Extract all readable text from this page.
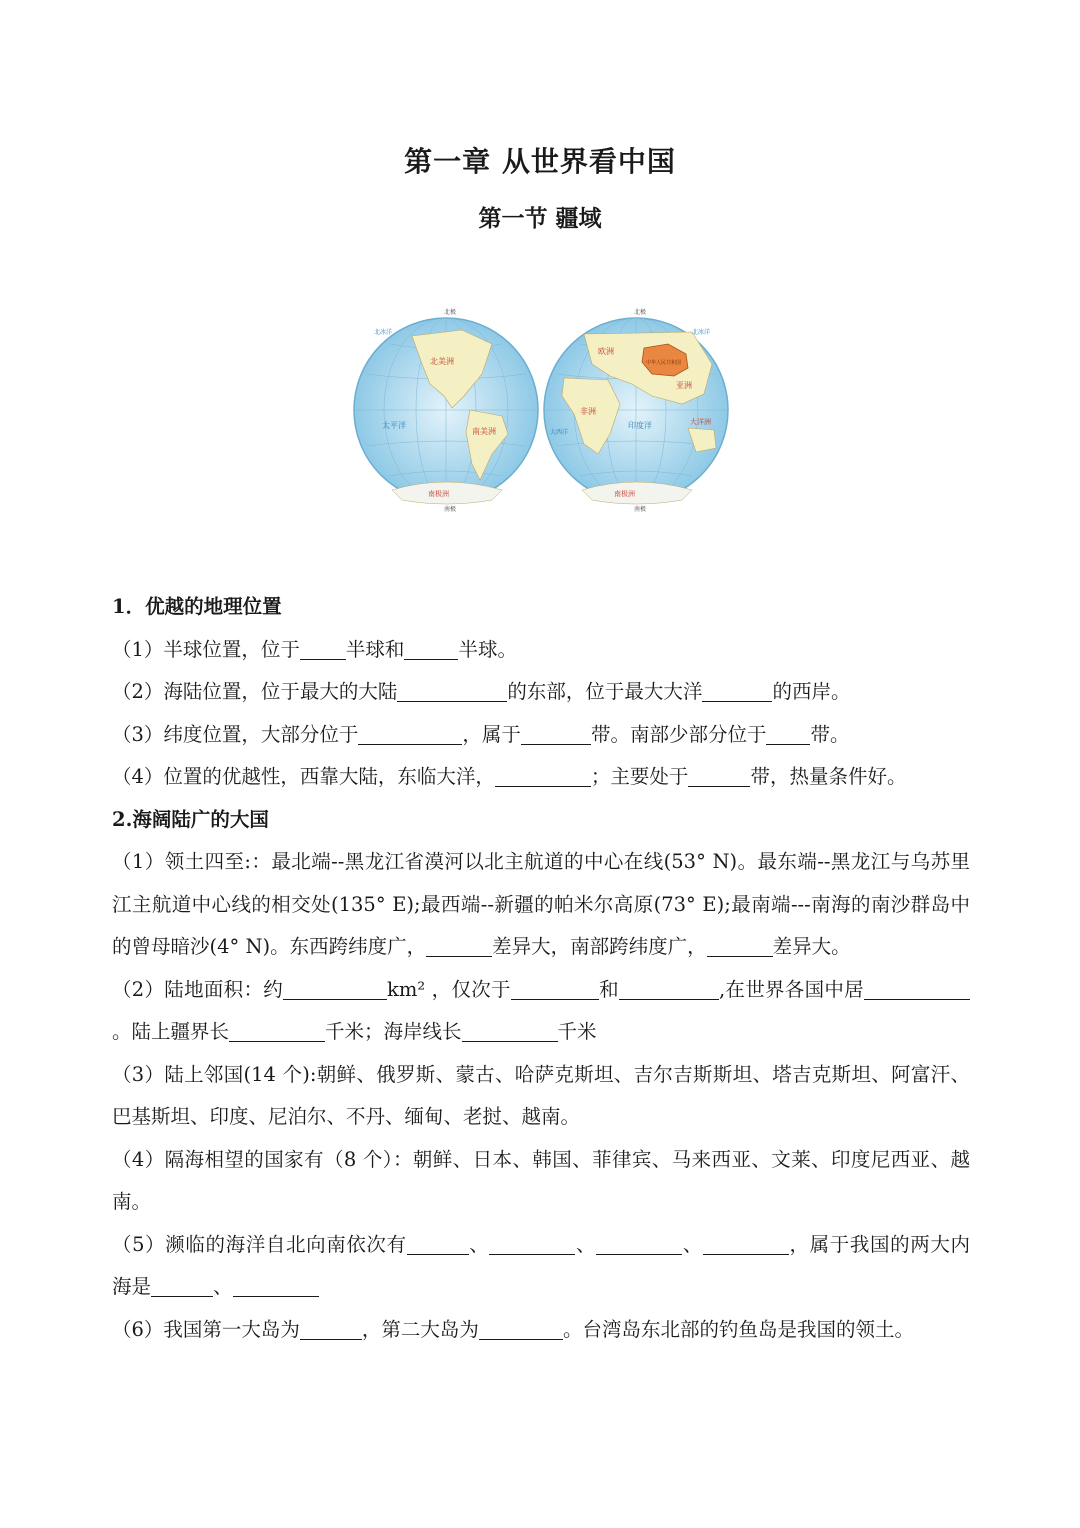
第一章 从世界看中国
第一节 疆域
北极
南极
北美洲
南美洲
太平洋
南极洲
北冰洋
北极
南极
中华人民共和国
欧洲
亚洲
非洲
大洋洲
印度洋
大西洋
南极洲
北冰洋
1．优越的地理位置
（1）半球位置，位于 半球和	半球。
（2）海陆位置，位于最大的大陆	的东部，位于最大大洋	的西岸。
（3）纬度位置，大部分位于	，属于	带。南部少部分位于 带。
（4）位置的优越性，西靠大陆，东临大洋，	；主要处于	带，热量条件好。
2.海阔陆广的大国
（1）领土四至:：最北端--黑龙江省漠河以北主航道的中心在线(53° N)。最东端--黑龙江与乌苏里江主航道中心线的相交处(135° E);最西端--新疆的帕米尔高原(73° E);最南端---南海的南沙群岛中的曾母暗沙(4° N)。东西跨纬度广，	差异大，南部跨纬度广，	差异大。
（2）陆地面积：约	km² ，仅次于	和	,在世界各国中居。陆上疆界长	千米；海岸线长	千米
（3）陆上邻国(14 个):朝鲜、俄罗斯、蒙古、哈萨克斯坦、吉尔吉斯斯坦、塔吉克斯坦、阿富汗、巴基斯坦、印度、尼泊尔、不丹、缅甸、老挝、越南。
（4）隔海相望的国家有（8 个）：朝鲜、日本、韩国、菲律宾、马来西亚、文莱、印度尼西亚、越南。
（5）濒临的海洋自北向南依次有	、	、	、	，属于我国的两大内海是	、
（6）我国第一大岛为	，第二大岛为	。台湾岛东北部的钓鱼岛是我国的领土。
